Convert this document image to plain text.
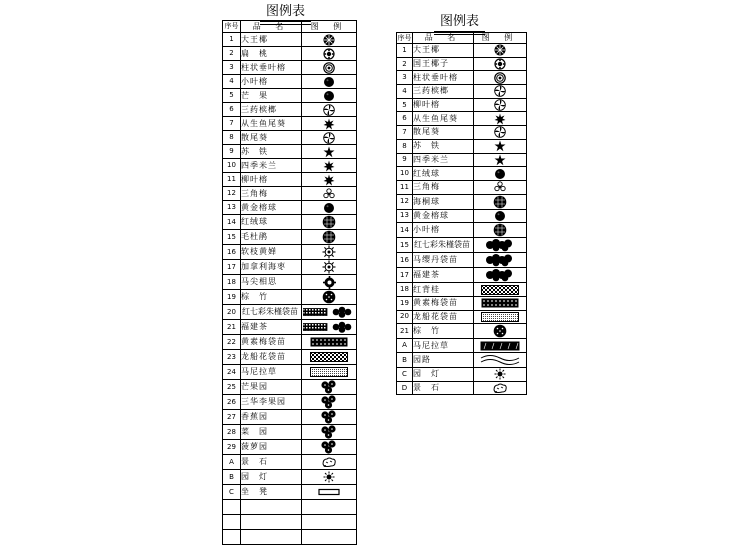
图例表
序号	品 名	图 例
1	大王椰	

2	扁　桃	

3	柱状垂叶榕	

4	小叶榕	

5	芒　果	

6	三药槟榔	

7	从生鱼尾葵	

8	散尾葵	

9	苏　铁	

10	四季米兰	

11	柳叶榕	

12	三角梅	

13	黄金榕球	

14	红绒球	

15	毛杜鹃	

16	软枝黄婵	

17	加拿利海枣	

18	马尖相思	

19	棕　竹	

20	红七彩朱槿袋苗	

21	福建茶	

22	黄素梅袋苗	

23	龙船花袋苗	

24	马尼拉草	

25	芒果园	

26	三华李果园	

27	香蕉园	

28	菜　园	

29	菠萝园	

A	景　石	

B	园　灯	

C	坐　凳	

图例表
序号	品 名	图 例
1	大王椰	

2	国王椰子	

3	柱状垂叶榕	

4	三药槟榔	

5	柳叶榕	

6	从生鱼尾葵	

7	散尾葵	

8	苏　铁	

9	四季米兰	

10	红绒球	

11	三角梅	

12	海桐球	

13	黄金榕球	

14	小叶榕	

15	红七彩朱槿袋苗	

16	马缨丹袋苗	

17	福建茶	

18	红背桂	

19	黄素梅袋苗	

20	龙船花袋苗	

21	棕　竹	

A	马尼拉草	

B	园路	

C	园　灯	

D	景　石	
